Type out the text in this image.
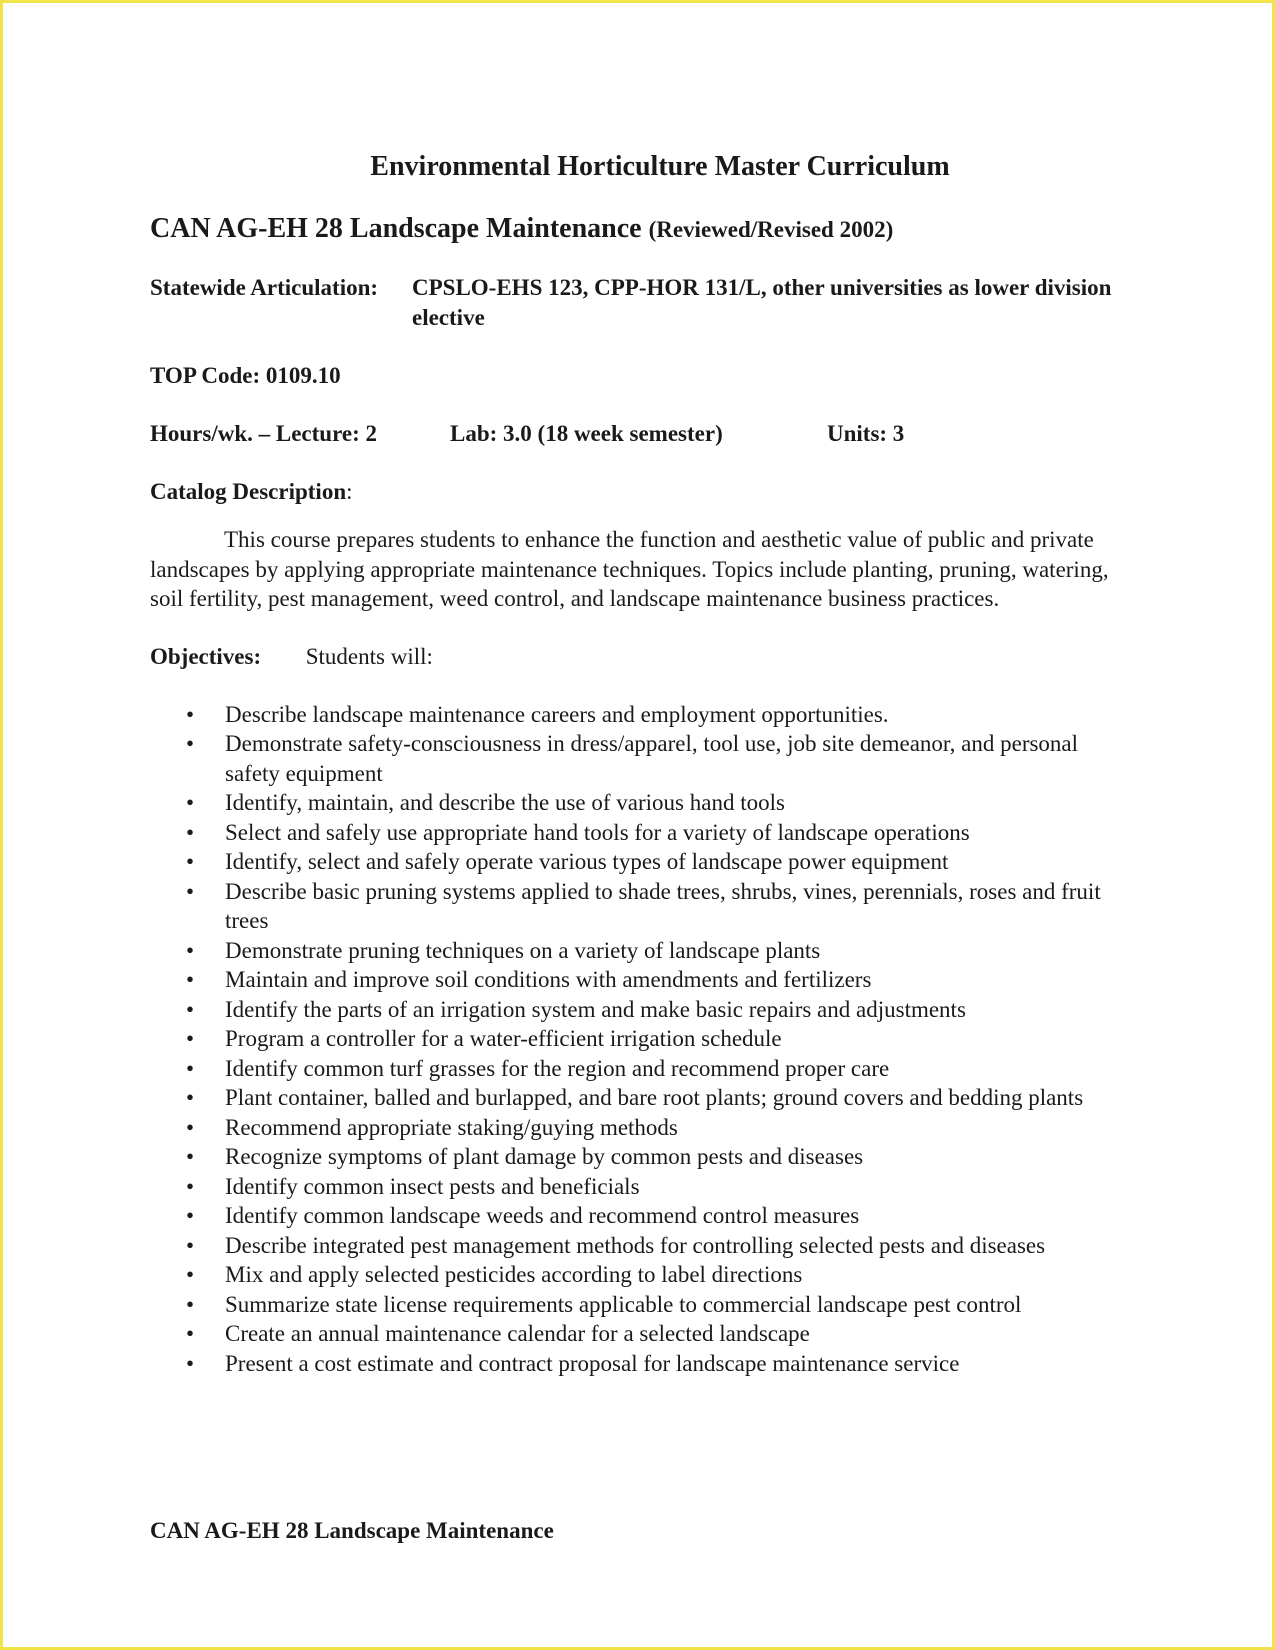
Environmental Horticulture Master Curriculum
CAN AG-EH 28 Landscape Maintenance (Reviewed/Revised 2002)
Statewide Articulation:	CPSLO-EHS 123, CPP-HOR 131/L, other universities as lower division elective
TOP Code: 0109.10
Hours/wk. – Lecture: 2	Lab: 3.0 (18 week semester)	Units: 3
Catalog Description:

This course prepares students to enhance the function and aesthetic value of public and private landscapes by applying appropriate maintenance techniques. Topics include planting, pruning, watering, soil fertility, pest management, weed control, and landscape maintenance business practices.

Objectives: Students will:
• Describe landscape maintenance careers and employment opportunities.
• Demonstrate safety-consciousness in dress/apparel, tool use, job site demeanor, and personal safety equipment
• Identify, maintain, and describe the use of various hand tools
• Select and safely use appropriate hand tools for a variety of landscape operations
• Identify, select and safely operate various types of landscape power equipment
• Describe basic pruning systems applied to shade trees, shrubs, vines, perennials, roses and fruit trees
• Demonstrate pruning techniques on a variety of landscape plants
• Maintain and improve soil conditions with amendments and fertilizers
• Identify the parts of an irrigation system and make basic repairs and adjustments
• Program a controller for a water-efficient irrigation schedule
• Identify common turf grasses for the region and recommend proper care
• Plant container, balled and burlapped, and bare root plants; ground covers and bedding plants
• Recommend appropriate staking/guying methods
• Recognize symptoms of plant damage by common pests and diseases
• Identify common insect pests and beneficials
• Identify common landscape weeds and recommend control measures
• Describe integrated pest management methods for controlling selected pests and diseases
• Mix and apply selected pesticides according to label directions
• Summarize state license requirements applicable to commercial landscape pest control
• Create an annual maintenance calendar for a selected landscape
• Present a cost estimate and contract proposal for landscape maintenance service
CAN AG-EH 28 Landscape Maintenance
